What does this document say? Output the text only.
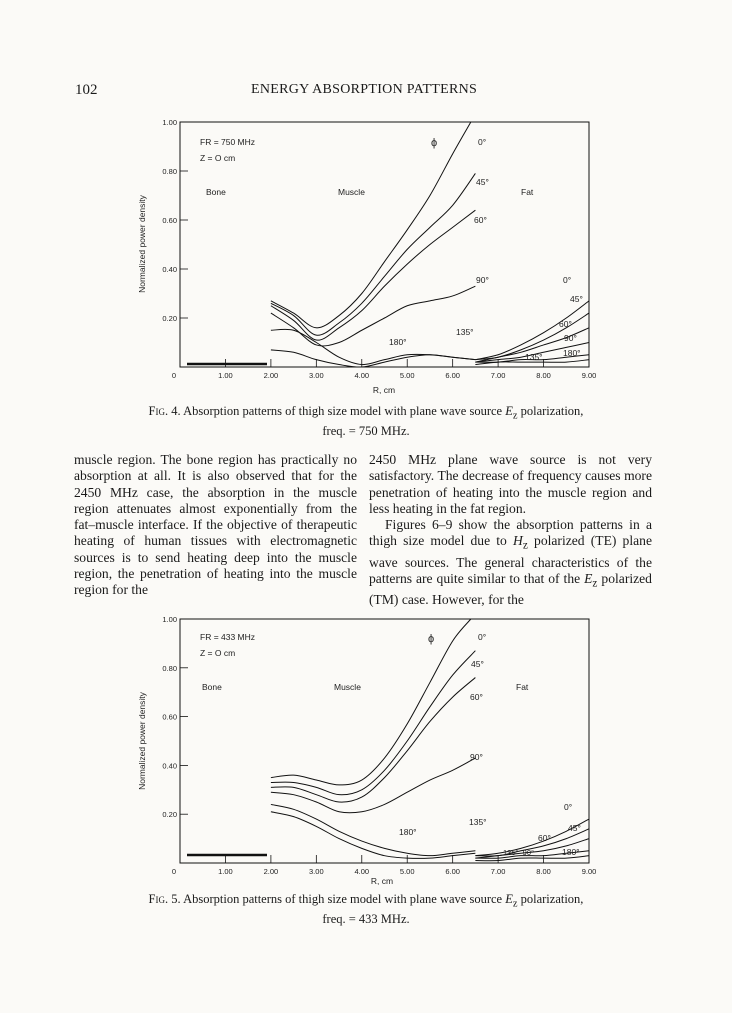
102	ENERGY ABSORPTION PATTERNS
0	1.00	2.00	3.00	4.00	5.00	6.00	7.00	8.00	9.00
1.00
0.80
0.60
0.40
0.20
Normalized power density
R, cm
FR = 750 MHz
Z = O cm
Bone	Muscle	Fat
ϕ	0°
45°
60°
90°
135°
180°
0°
45°
60°
90°
135° 180°
Fig. 4. Absorption patterns of thigh size model with plane wave source $E_z$ polarization,
freq. = 750 MHz.

muscle region. The bone region has practically no absorption at all. It is also observed that for the 2450 MHz case, the absorption in the muscle region attenuates almost exponentially from the fat–muscle interface. If the objective of therapeutic heating of human tissues with electromagnetic sources is to send heating deep into the muscle region, the penetration of heating into the muscle region for the

2450 MHz plane wave source is not very satisfactory. The decrease of frequency causes more penetration of heating into the muscle region and less heating in the fat region.

Figures 6–9 show the absorption patterns in a thigh size model due to $H_z$ polarized (TE) plane wave sources. The general characteristics of the patterns are quite similar to that of the $E_z$ polarized (TM) case. However, for the

0	1.00	2.00	3.00	4.00	5.00	6.00	7.00	8.00	9.00
1.00
0.80
0.60
0.40
0.20
Normalized power density
R, cm
FR = 433 MHz
Z = O cm
Bone	Muscle	Fat
ϕ	0°
45°
60°
90°
135°
180°
0°
45°
60°
135°–90°	180°
Fig. 5. Absorption patterns of thigh size model with plane wave source $E_z$ polarization,
freq. = 433 MHz.
